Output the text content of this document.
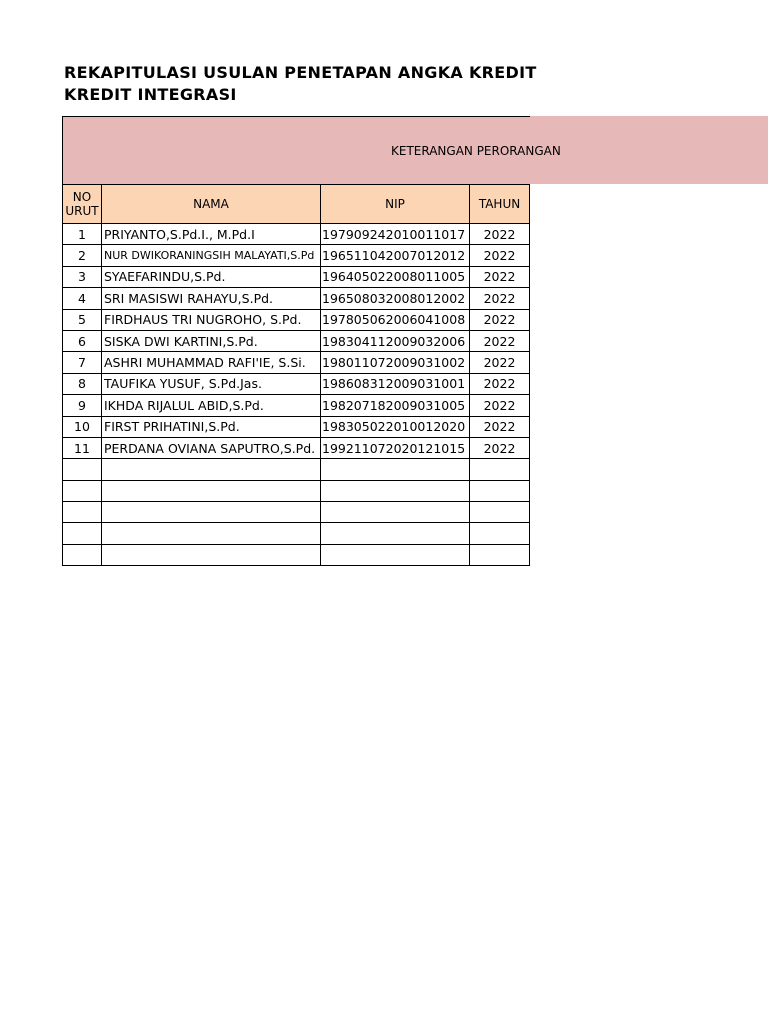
REKAPITULASI USULAN PENETAPAN ANGKA KREDIT
KREDIT INTEGRASI
KETERANGAN PERORANGAN			
NO URUT	NAMA	NIP	TAHUN
1	PRIYANTO,S.Pd.I., M.Pd.I	197909242010011017	2022
2	NUR DWIKORANINGSIH MALAYATI,S.Pd	196511042007012012	2022
3	SYAEFARINDU,S.Pd.	196405022008011005	2022
4	SRI MASISWI RAHAYU,S.Pd.	196508032008012002	2022
5	FIRDHAUS TRI NUGROHO, S.Pd.	197805062006041008	2022
6	SISKA DWI KARTINI,S.Pd.	198304112009032006	2022
7	ASHRI MUHAMMAD RAFI'IE, S.Si.	198011072009031002	2022
8	TAUFIKA YUSUF, S.Pd.Jas.	198608312009031001	2022
9	IKHDA RIJALUL ABID,S.Pd.	198207182009031005	2022
10	FIRST PRIHATINI,S.Pd.	198305022010012020	2022
11	PERDANA OVIANA SAPUTRO,S.Pd.	199211072020121015	2022
